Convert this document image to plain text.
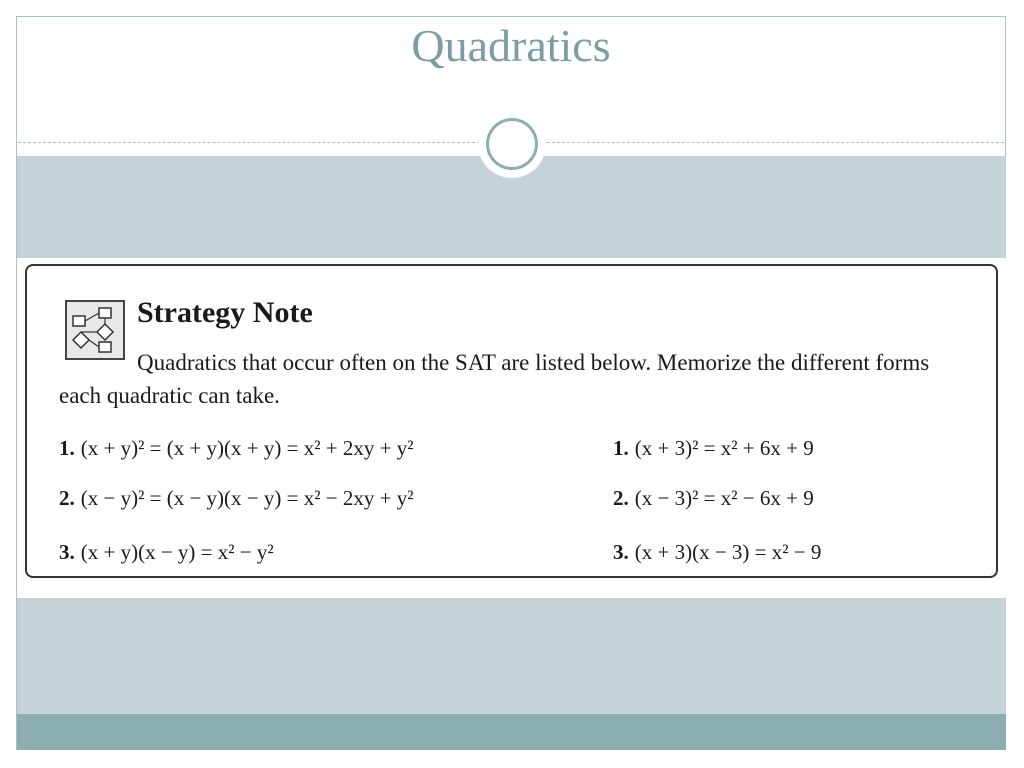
Quadratics
Strategy Note
Quadratics that occur often on the SAT are listed below. Memorize the different forms each quadratic can take.
1. (x + y)² = (x + y)(x + y) = x² + 2xy + y²
2. (x − y)² = (x − y)(x − y) = x² − 2xy + y²
3. (x + y)(x − y) = x² − y²
1. (x + 3)² = x² + 6x + 9
2. (x − 3)² = x² − 6x + 9
3. (x + 3)(x − 3) = x² − 9
